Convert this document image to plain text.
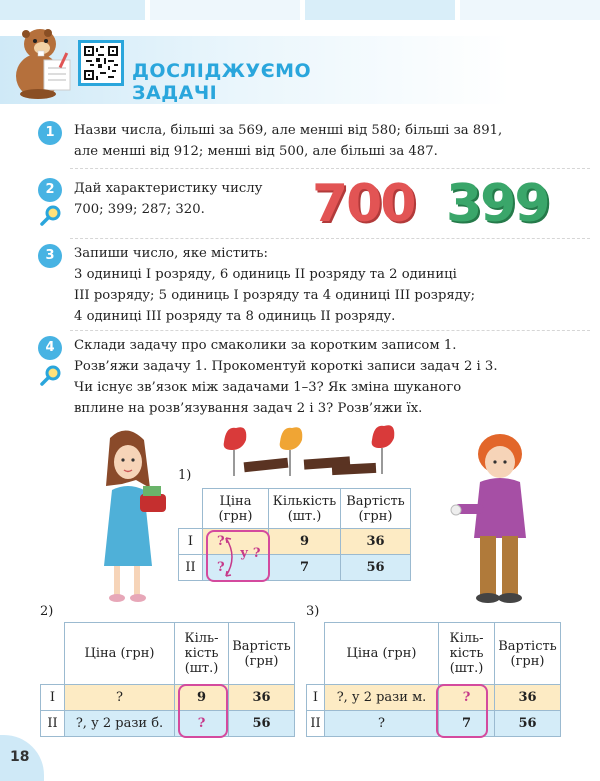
ДОСЛІДЖУЄМО
ЗАДАЧІ
1	Назви числа, більші за 569, але менші від 580; більші за 891,
але менші від 912; менші від 500, але більші за 487.
2	Дай характеристику числу
700; 399; 287; 320.	700 399
3	Запиши число, яке містить:
3 одиниці І розряду, 6 одиниць ІІ розряду та 2 одиниці
ІІІ розряду; 5 одиниць І розряду та 4 одиниці ІІІ розряду;
4 одиниці ІІІ розряду та 8 одиниць ІІ розряду.
4	Склади задачу про смаколики за коротким записом 1.
Розв’яжи задачу 1. Прокоментуй короткі записи задач 2 і 3.
Чи існує зв’язок між задачами 1–3? Як зміна шуканого
вплине на розв’язування задач 2 і 3? Розв’яжи їх.
1)
	Ціна (грн)	Кількість (шт.)	Вартість (грн)
І	?	9	36
ІІ	?	7	56
у ?
2)
	Ціна (грн)	Кіль- кість (шт.)	Вартість (грн)
І	?	9	36
ІІ	?, у 2 рази б.	?	56
3)
	Ціна (грн)	Кіль- кість (шт.)	Вартість (грн)
І	?, у 2 рази м.	?	36
ІІ	?	7	56
18
